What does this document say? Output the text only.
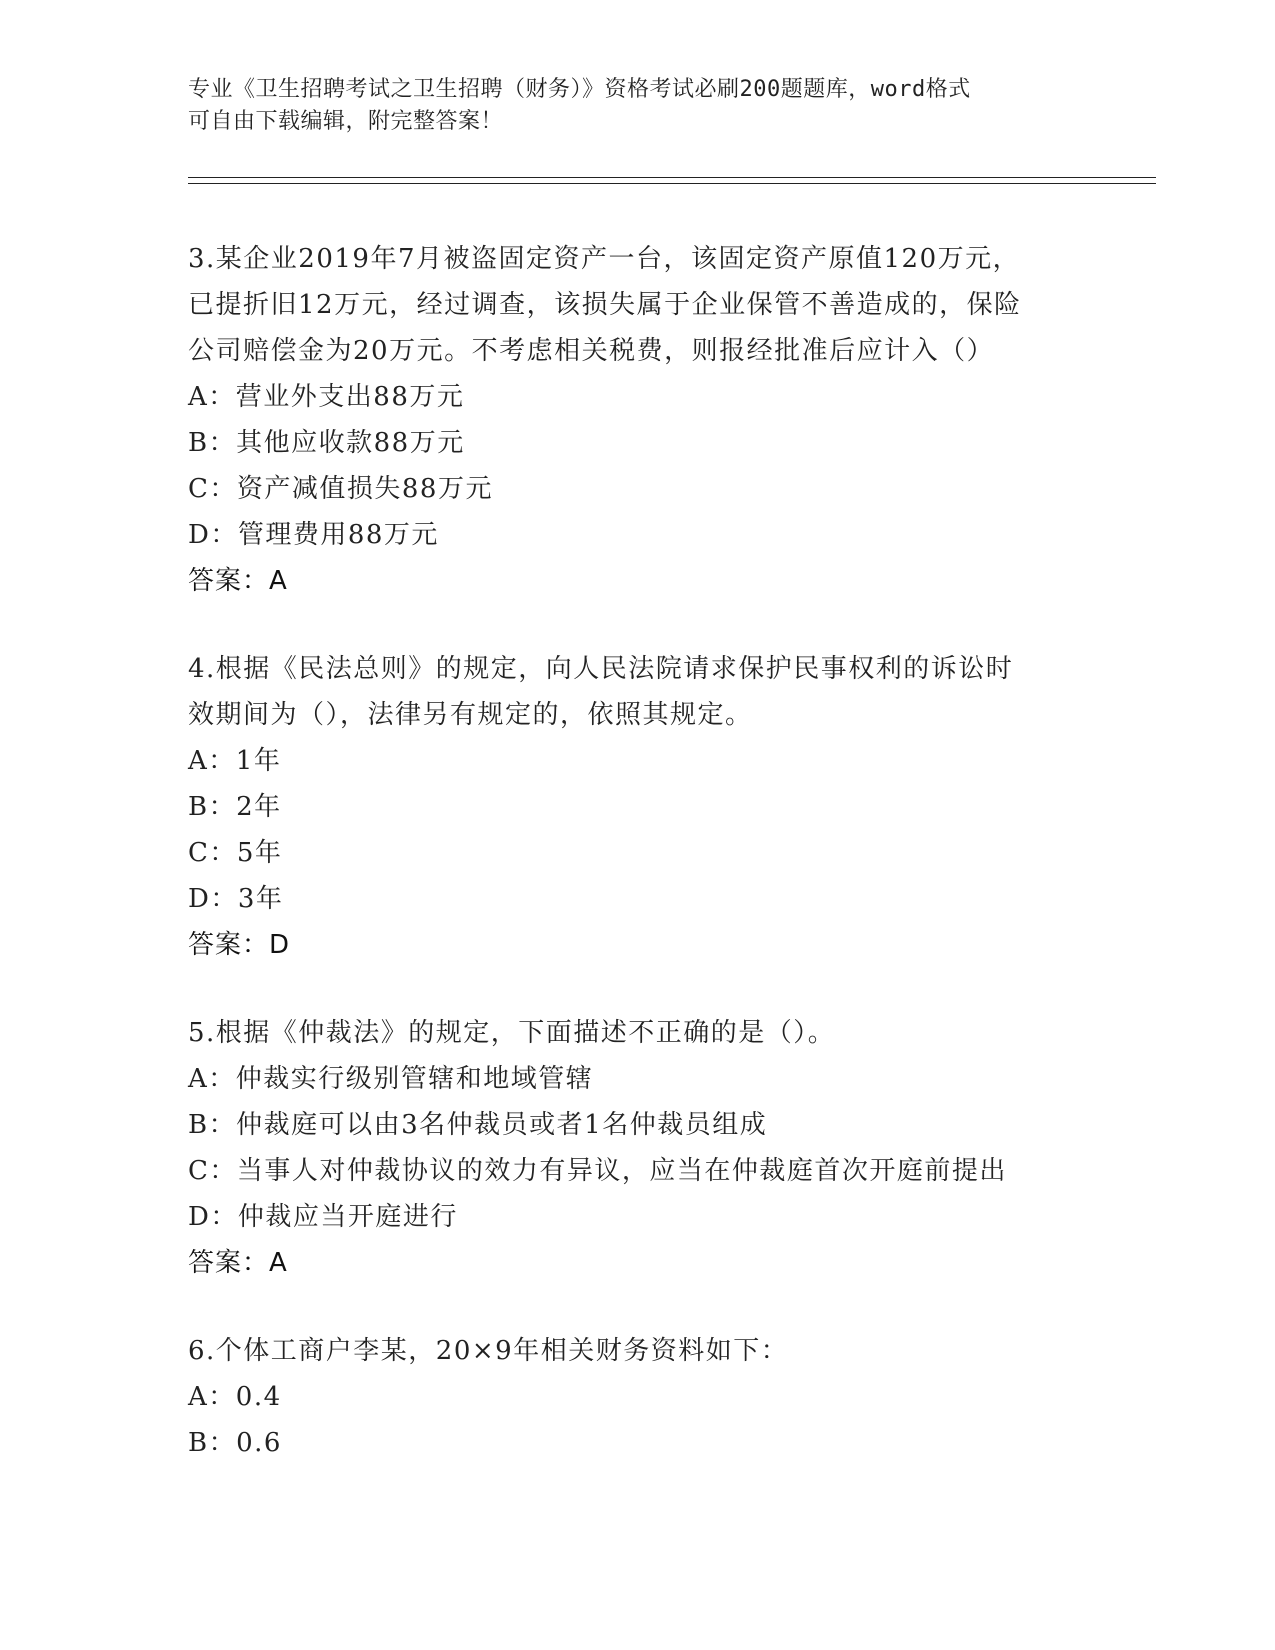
专业《卫生招聘考试之卫生招聘（财务）》资格考试必刷200题题库，word格式
可自由下载编辑，附完整答案！
3.某企业2019年7月被盗固定资产一台，该固定资产原值120万元，
已提折旧12万元，经过调查，该损失属于企业保管不善造成的，保险
公司赔偿金为20万元。不考虑相关税费，则报经批准后应计入（）
A：营业外支出88万元
B：其他应收款88万元
C：资产减值损失88万元
D：管理费用88万元
答案：A
4.根据《民法总则》的规定，向人民法院请求保护民事权利的诉讼时
效期间为（），法律另有规定的，依照其规定。
A：1年
B：2年
C：5年
D：3年
答案：D
5.根据《仲裁法》的规定，下面描述不正确的是（）。
A：仲裁实行级别管辖和地域管辖
B：仲裁庭可以由3名仲裁员或者1名仲裁员组成
C：当事人对仲裁协议的效力有异议，应当在仲裁庭首次开庭前提出
D：仲裁应当开庭进行
答案：A
6.个体工商户李某，20×9年相关财务资料如下：
A：0.4
B：0.6
